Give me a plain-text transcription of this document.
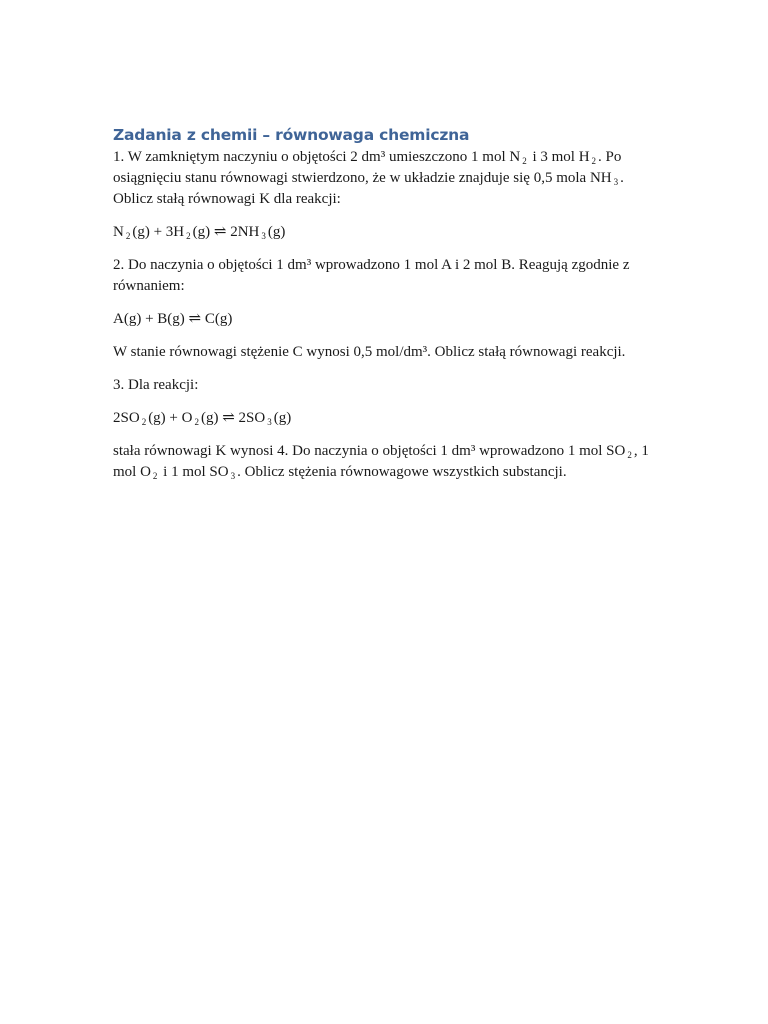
Zadania z chemii – równowaga chemiczna

1. W zamkniętym naczyniu o objętości 2 dm³ umieszczono 1 mol N $_2$ i 3 mol H $_2$ . Po osiągnięciu stanu równowagi stwierdzono, że w układzie znajduje się 0,5 mola NH $_3$ . Oblicz stałą równowagi K dla reakcji:

N $_2$ (g) + 3H $_2$ (g) ⇌ 2NH $_3$ (g)

2. Do naczynia o objętości 1 dm³ wprowadzono 1 mol A i 2 mol B. Reagują zgodnie z równaniem:

A(g) + B(g) ⇌ C(g)

W stanie równowagi stężenie C wynosi 0,5 mol/dm³. Oblicz stałą równowagi reakcji.

3. Dla reakcji:

2SO $_2$ (g) + O $_2$ (g) ⇌ 2SO $_3$ (g)

stała równowagi K wynosi 4. Do naczynia o objętości 1 dm³ wprowadzono 1 mol SO $_2$ , 1 mol O $_2$ i 1 mol SO $_3$ . Oblicz stężenia równowagowe wszystkich substancji.
